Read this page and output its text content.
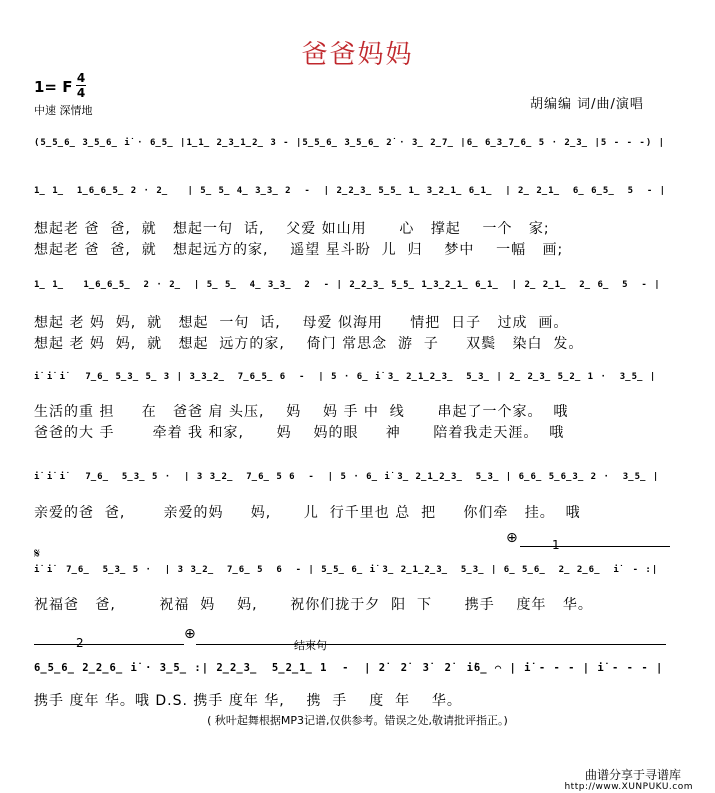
爸爸妈妈
1= F 4
4
中速 深情地	胡编编 词/曲/演唱
(5̲5̲6̲ 3̲5̲6̲ i̇ · 6̲5̲ |1̲1̲ 2̲3̲1̲2̲ 3 - |5̲5̲6̲ 3̲5̲6̲ 2̇ · 3̲ 2̲7̲ |6̲ 6̲3̲7̲6̲ 5 · 2̲3̲ |5 - - -) |
1̲ 1̲  1̲6̲6̲5̲ 2 · 2̲   | 5̲ 5̲ 4̲ 3̲3̲ 2  -  | 2̲2̲3̲ 5̲5̲ 1̲ 3̲2̲1̲ 6̲1̲  | 2̲ 2̲1̲  6̲ 6̲5̲  5  - |
想起老 爸  爸,  就   想起一句  话,    父爱 如山用      心   撑起    一个   家;
想起老 爸  爸,  就   想起远方的家,    遥望 星斗盼  儿  归    梦中    一幅   画;
1̲ 1̲   1̲6̲6̲5̲  2 · 2̲  | 5̲ 5̲  4̲ 3̲3̲  2  - | 2̲2̲3̲ 5̲5̲ 1̲3̲2̲1̲ 6̲1̲  | 2̲ 2̲1̲  2̲ 6̲  5  - |
想起 老 妈  妈,  就   想起  一句  话,    母爱 似海用     情把  日子   过成  画。
想起 老 妈  妈,  就   想起  远方的家,    倚门 常思念  游  子     双鬓   染白  发。
i̇ i̇ i̇   7̲6̲ 5̲3̲ 5̲ 3 | 3̲3̲2̲  7̲6̲5̲ 6  -  | 5 · 6̲ i̇ 3̲ 2̲1̲2̲3̲  5̲3̲ | 2̲ 2̲3̲ 5̲2̲ 1 ·  3̲5̲ |
生活的重 担     在   爸爸 肩 头压,    妈    妈 手 中  线      串起了一个家。  哦
爸爸的大 手       牵着 我 和家,      妈    妈的眼     神      陪着我走天涯。  哦
i̇ i̇ i̇   7̲6̲  5̲3̲ 5 ·  | 3 3̲2̲  7̲6̲ 5 6  -  | 5 · 6̲ i̇ 3̲ 2̲1̲2̲3̲  5̲3̲ | 6̲6̲ 5̲6̲3̲ 2 ·  3̲5̲ |
亲爱的爸  爸,       亲爱的妈     妈,      儿  行千里也 总  把     你们牵   挂。  哦
𝄋
⊕	1
i̇ i̇  7̲6̲  5̲3̲ 5 ·  | 3 3̲2̲  7̲6̲ 5  6  - | 5̲5̲ 6̲ i̇ 3̲ 2̲1̲2̲3̲  5̲3̲ | 6̲ 5̲6̲  2̲ 2̲6̲  i̇  - :|
祝福爸   爸,        祝福  妈    妈,      祝你们拢于夕  阳  下      携手    度年   华。
2
⊕
结束句
6̲5̲6̲ 2̲2̲6̲ i̇ · 3̲5̲ :| 2̲2̲3̲  5̲2̲1̲ 1  -  | 2̇  2̇  3̇  2̇  i̇6̲ ⌒ | i̇ - - - | i̇ - - - |
携手 度年 华。哦 D.S. 携手 度年 华,    携  手    度  年    华。
( 秋叶起舞根据MP3记谱,仅供参考。错误之处,敬请批评指正。)
曲谱分享于寻谱库
http://www.XUNPUKU.com
